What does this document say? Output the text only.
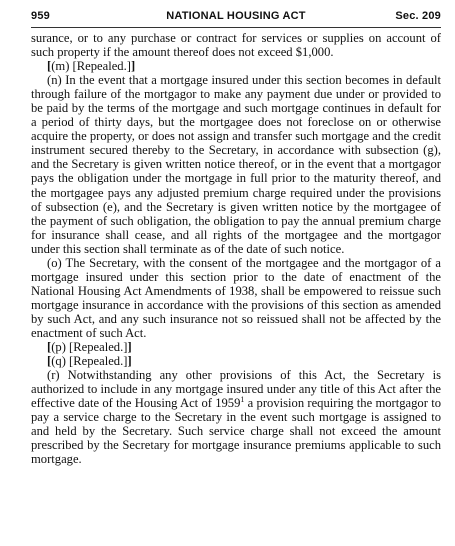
959	NATIONAL HOUSING ACT	Sec. 209

surance, or to any purchase or contract for services or supplies on account of such property if the amount thereof does not exceed $1,000.

[(m) [Repealed.]]

(n) In the event that a mortgage insured under this section becomes in default through failure of the mortgagor to make any payment due under or provided to be paid by the terms of the mortgage and such mortgage continues in default for a period of thirty days, but the mortgagee does not foreclose on or otherwise acquire the property, or does not assign and transfer such mortgage and the credit instrument secured thereby to the Secretary, in accordance with subsection (g), and the Secretary is given written notice thereof, or in the event that a mortgagor pays the obligation under the mortgage in full prior to the maturity thereof, and the mortgagee pays any adjusted premium charge required under the provisions of subsection (e), and the Secretary is given written notice by the mortgagee of the payment of such obligation, the obligation to pay the annual premium charge for insurance shall cease, and all rights of the mortgagee and the mortgagor under this section shall terminate as of the date of such notice.

(o) The Secretary, with the consent of the mortgagee and the mortgagor of a mortgage insured under this section prior to the date of enactment of the National Housing Act Amendments of 1938, shall be empowered to reissue such mortgage insurance in accordance with the provisions of this section as amended by such Act, and any such insurance not so reissued shall not be affected by the enactment of such Act.

[(p) [Repealed.]]

[(q) [Repealed.]]

(r) Notwithstanding any other provisions of this Act, the Secretary is authorized to include in any mortgage insured under any title of this Act after the effective date of the Housing Act of 1959$^1$ a provision requiring the mortgagor to pay a service charge to the Secretary in the event such mortgage is assigned to and held by the Secretary. Such service charge shall not exceed the amount prescribed by the Secretary for mortgage insurance premiums applicable to such mortgage.
